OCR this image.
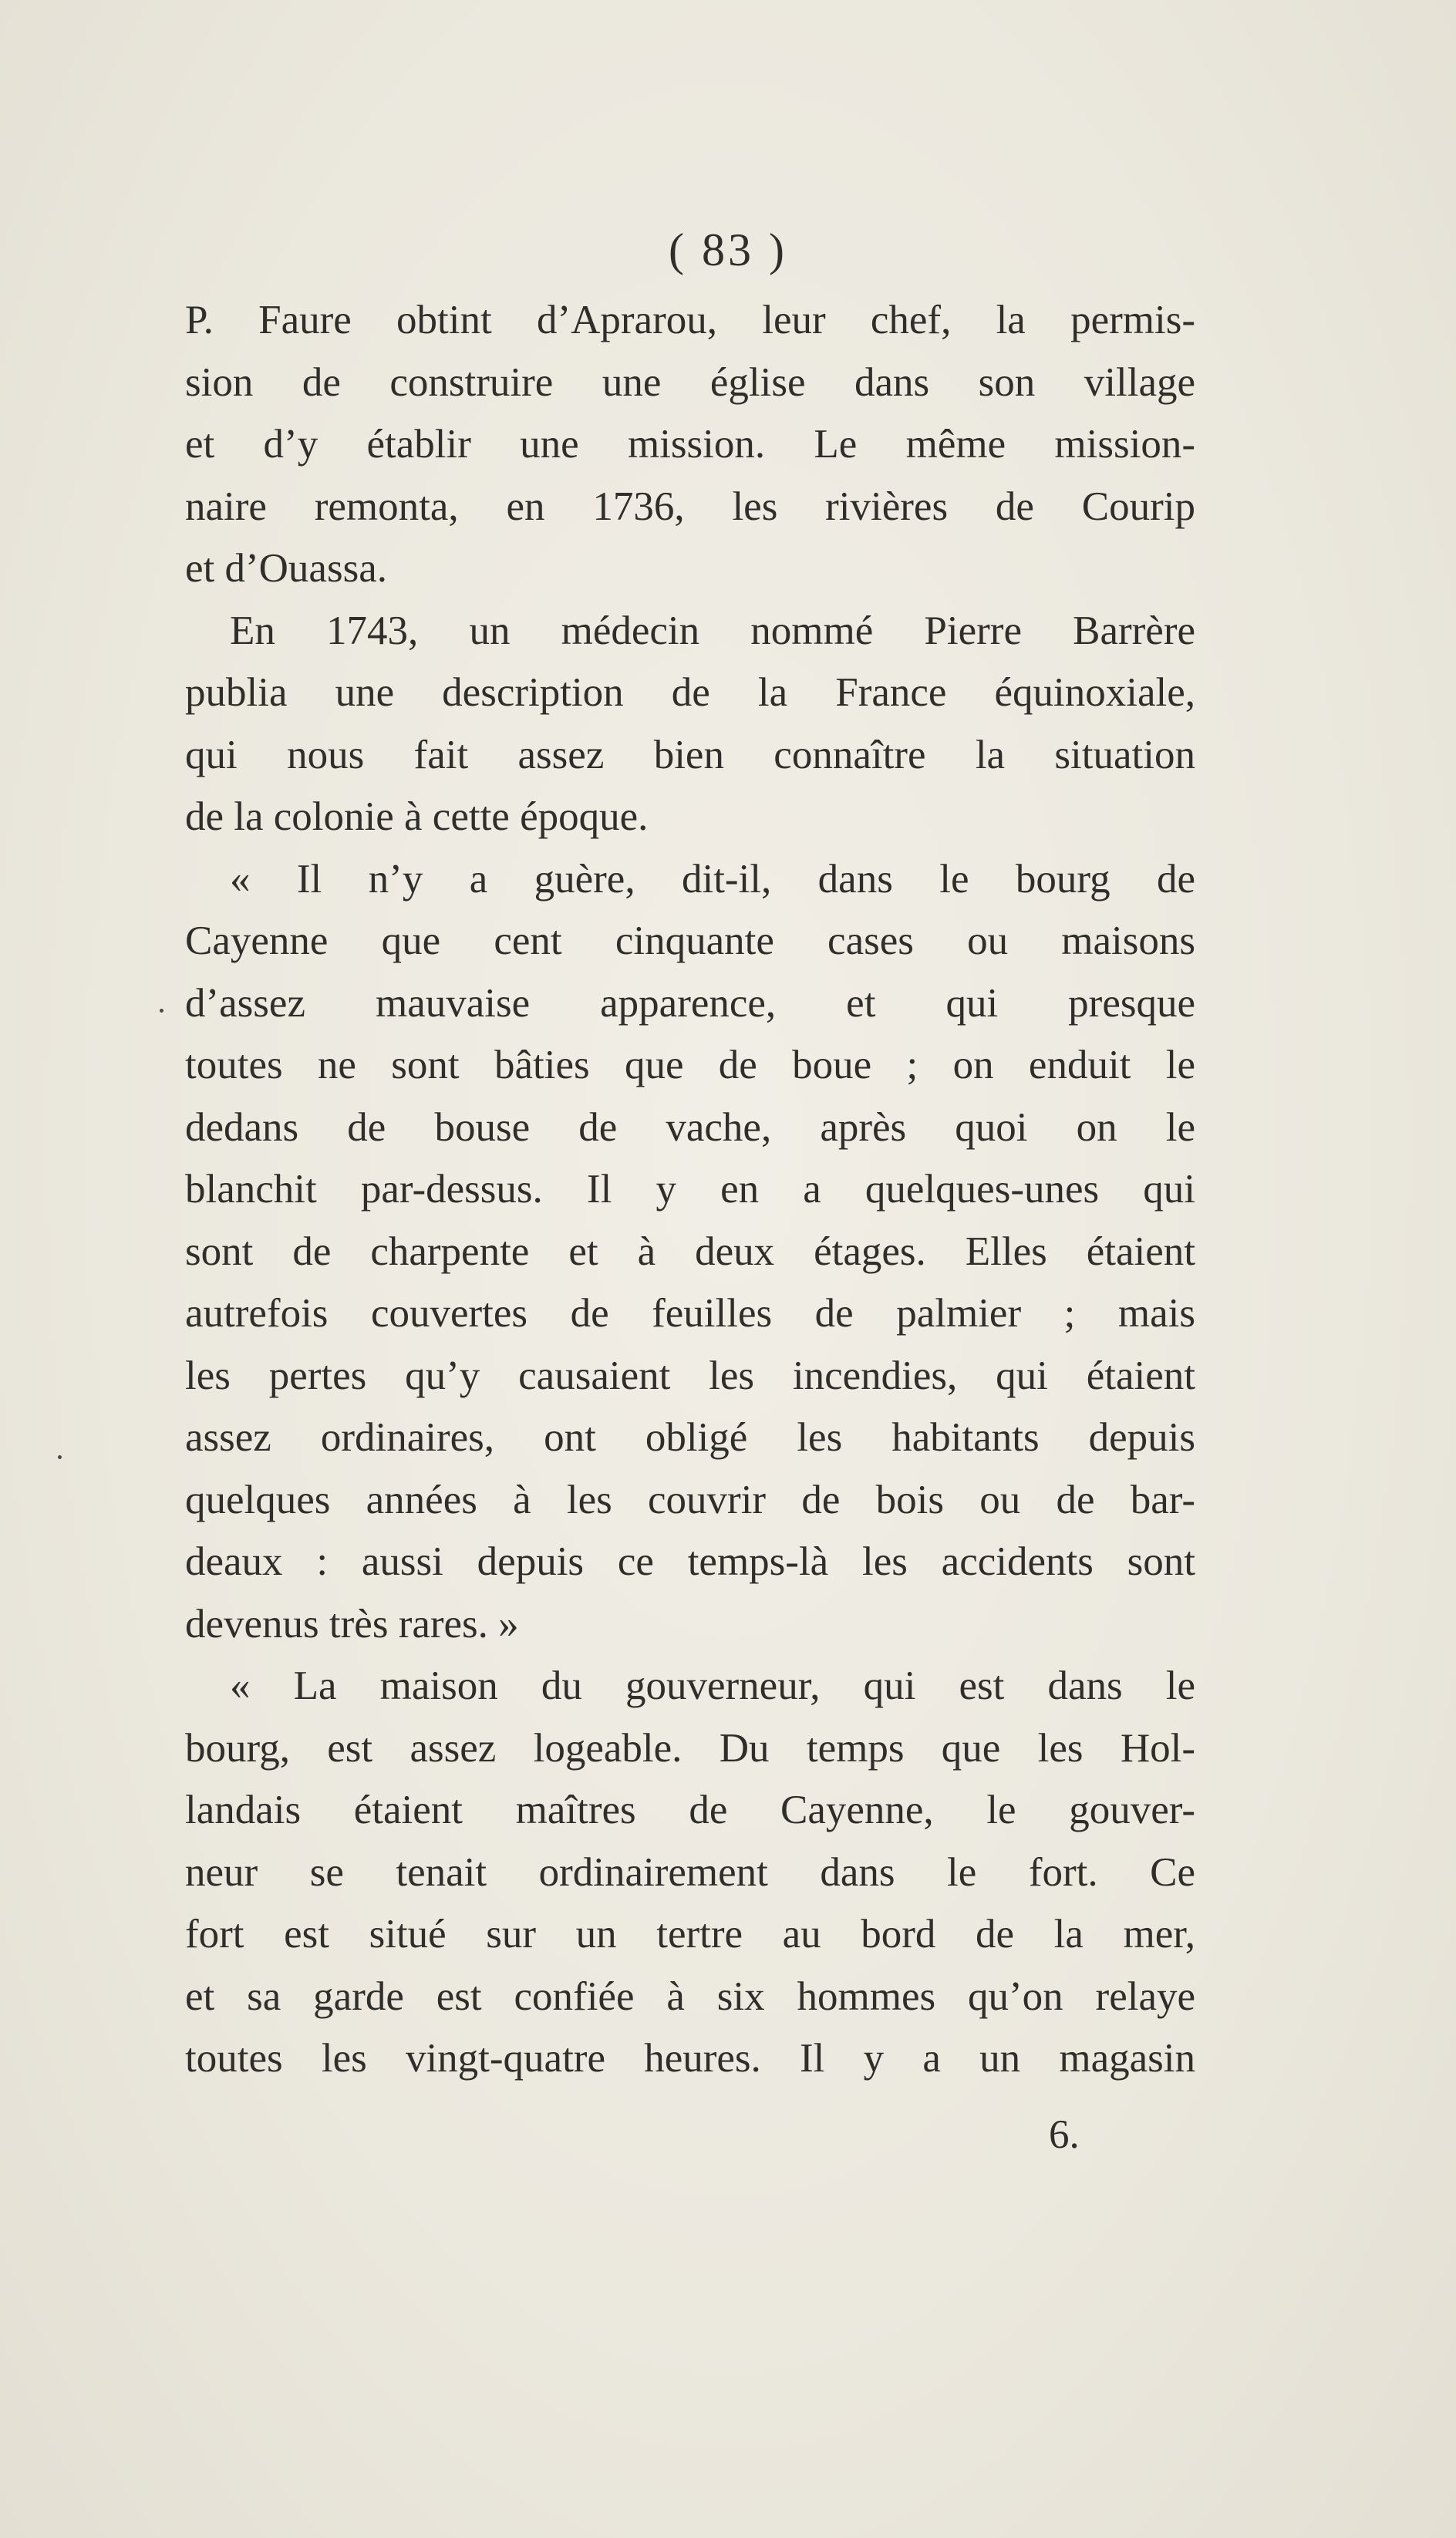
( 83 )
P. Faure obtint d’Aprarou, leur chef, la permis-
sion de construire une église dans son village
et d’y établir une mission. Le même mission-
naire remonta, en 1736, les rivières de Courip
et d’Ouassa.
En 1743, un médecin nommé Pierre Barrère
publia une description de la France équinoxiale,
qui nous fait assez bien connaître la situation
de la colonie à cette époque.
« Il n’y a guère, dit-il, dans le bourg de
Cayenne que cent cinquante cases ou maisons
d’assez mauvaise apparence, et qui presque
toutes ne sont bâties que de boue ; on enduit le
dedans de bouse de vache, après quoi on le
blanchit par-dessus. Il y en a quelques-unes qui
sont de charpente et à deux étages. Elles étaient
autrefois couvertes de feuilles de palmier ; mais
les pertes qu’y causaient les incendies, qui étaient
assez ordinaires, ont obligé les habitants depuis
quelques années à les couvrir de bois ou de bar-
deaux : aussi depuis ce temps-là les accidents sont
devenus très rares. »
« La maison du gouverneur, qui est dans le
bourg, est assez logeable. Du temps que les Hol-
landais étaient maîtres de Cayenne, le gouver-
neur se tenait ordinairement dans le fort. Ce
fort est situé sur un tertre au bord de la mer,
et sa garde est confiée à six hommes qu’on relaye
toutes les vingt-quatre heures. Il y a un magasin
6.
